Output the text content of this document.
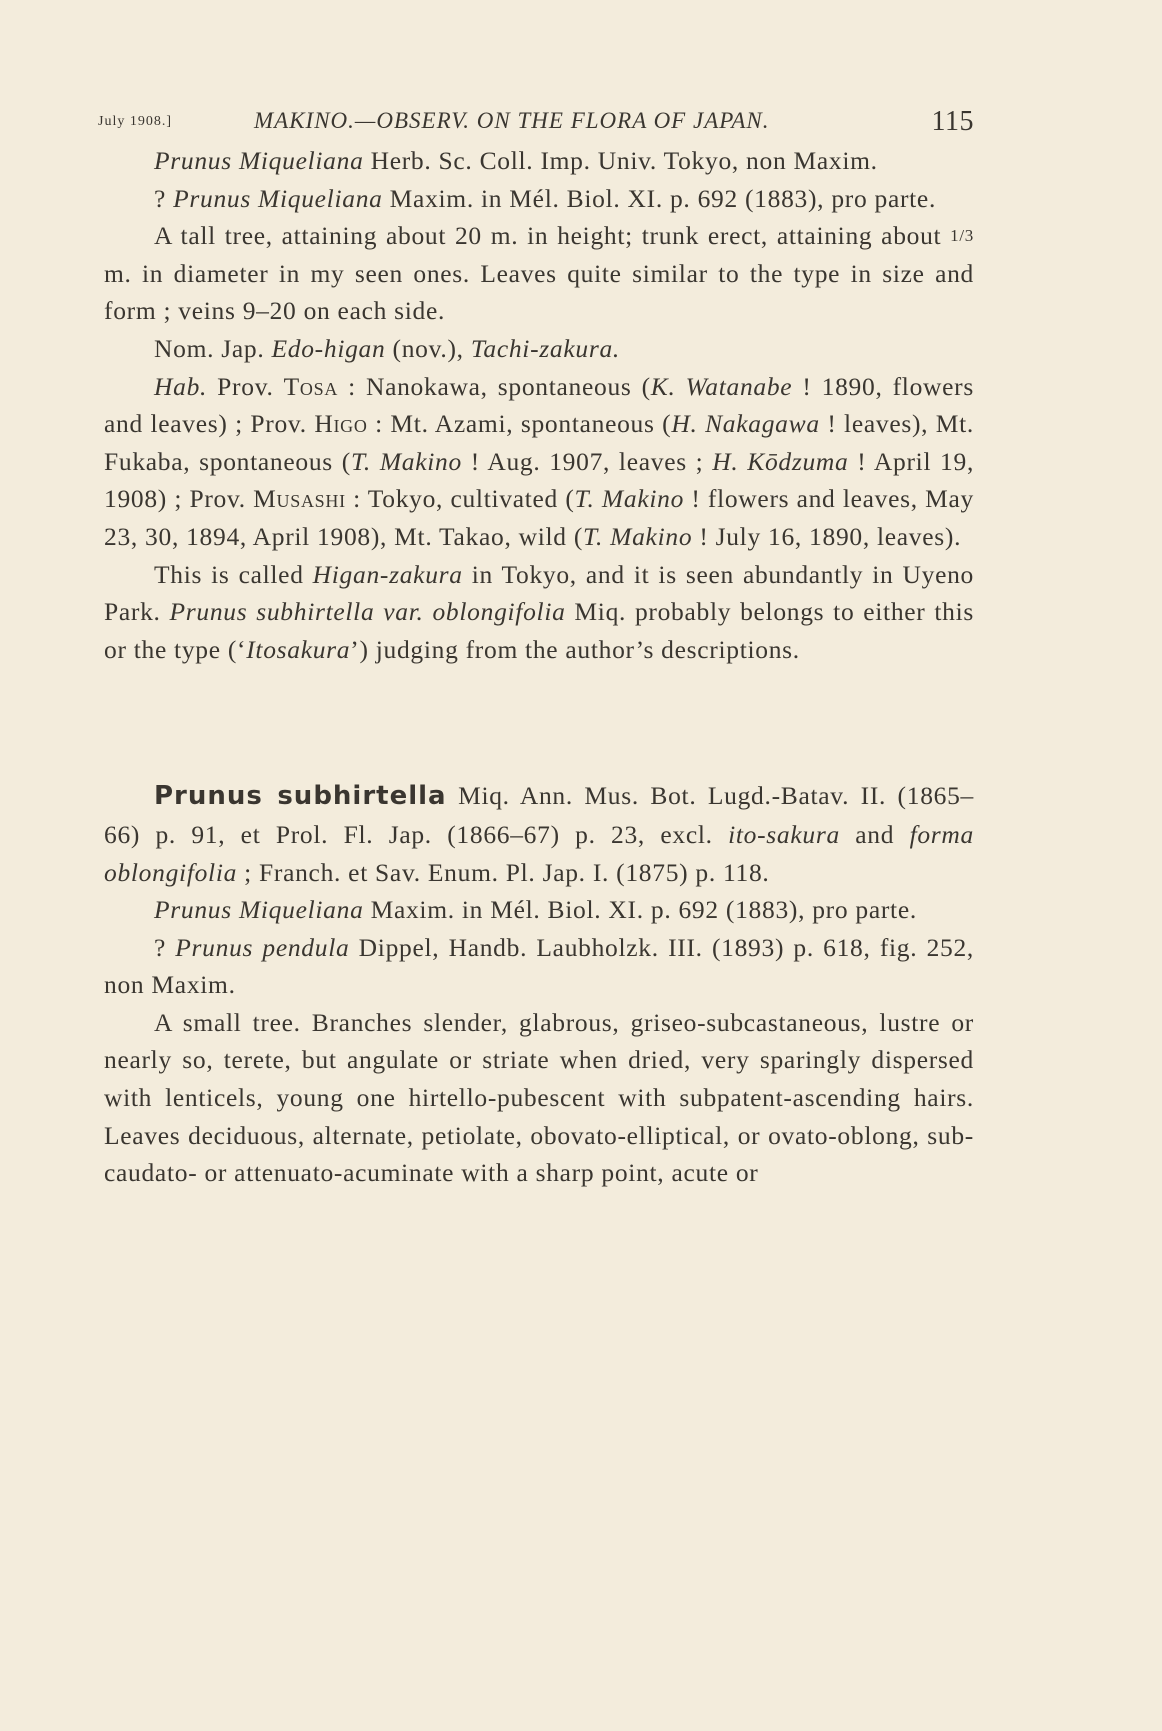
July 1908.]	MAKINO.—OBSERV. ON THE FLORA OF JAPAN.	115

Prunus Miqueliana Herb. Sc. Coll. Imp. Univ. Tokyo, non Maxim.

? Prunus Miqueliana Maxim. in Mél. Biol. XI. p. 692 (1883), pro parte.

A tall tree, attaining about 20 m. in height; trunk erect, attaining about 1/3 m. in diameter in my seen ones. Leaves quite similar to the type in size and form ; veins 9–20 on each side.

Nom. Jap. Edo-higan (nov.), Tachi-zakura.

Hab. Prov. Tosa : Nanokawa, spontaneous (K. Watanabe ! 1890, flowers and leaves) ; Prov. Higo : Mt. Azami, spontaneous (H. Nakagawa ! leaves), Mt. Fukaba, spontaneous (T. Makino ! Aug. 1907, leaves ; H. Kōdzuma ! April 19, 1908) ; Prov. Musashi : Tokyo, cultivated (T. Makino ! flowers and leaves, May 23, 30, 1894, April 1908), Mt. Takao, wild (T. Makino ! July 16, 1890, leaves).

This is called Higan-zakura in Tokyo, and it is seen abundantly in Uyeno Park. Prunus subhirtella var. oblongifolia Miq. probably belongs to either this or the type (‘Itosakura’) judging from the author’s descriptions.

Prunus subhirtella Miq. Ann. Mus. Bot. Lugd.-Batav. II. (1865–66) p. 91, et Prol. Fl. Jap. (1866–67) p. 23, excl. ito-sakura and forma oblongifolia ; Franch. et Sav. Enum. Pl. Jap. I. (1875) p. 118.

Prunus Miqueliana Maxim. in Mél. Biol. XI. p. 692 (1883), pro parte.

? Prunus pendula Dippel, Handb. Laubholzk. III. (1893) p. 618, fig. 252, non Maxim.

A small tree. Branches slender, glabrous, griseo-subcastaneous, lustre or nearly so, terete, but angulate or striate when dried, very sparingly dispersed with lenticels, young one hirtello-pubescent with subpatent-ascending hairs. Leaves deciduous, alternate, petiolate, obovato-elliptical, or ovato-oblong, sub-caudato- or attenuato-acuminate with a sharp point, acute or
